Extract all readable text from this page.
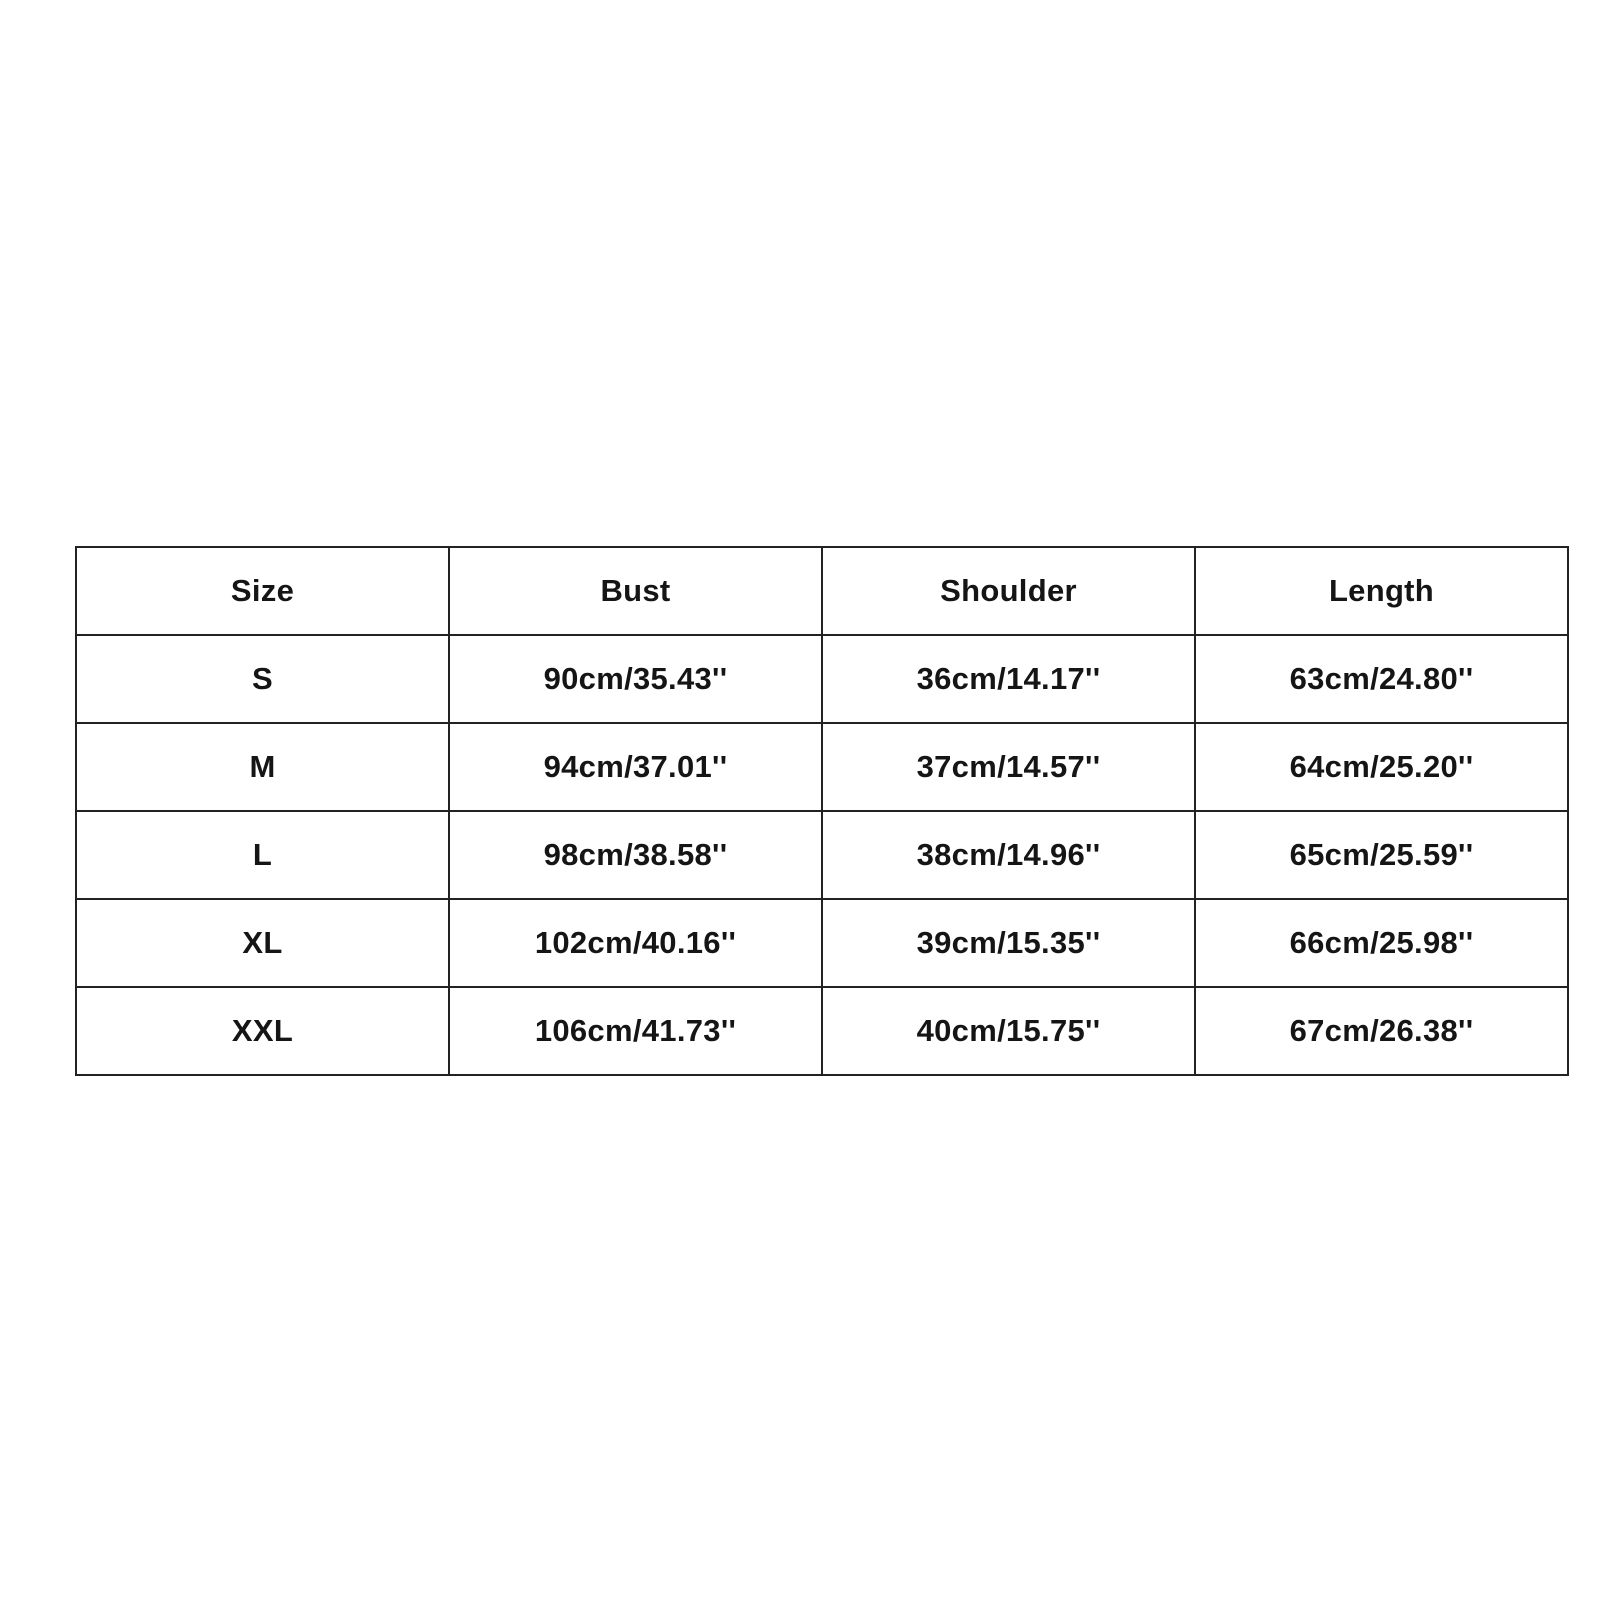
Size	Bust	Shoulder	Length
S	90cm/35.43''	36cm/14.17''	63cm/24.80''
M	94cm/37.01''	37cm/14.57''	64cm/25.20''
L	98cm/38.58''	38cm/14.96''	65cm/25.59''
XL	102cm/40.16''	39cm/15.35''	66cm/25.98''
XXL	106cm/41.73''	40cm/15.75''	67cm/26.38''
